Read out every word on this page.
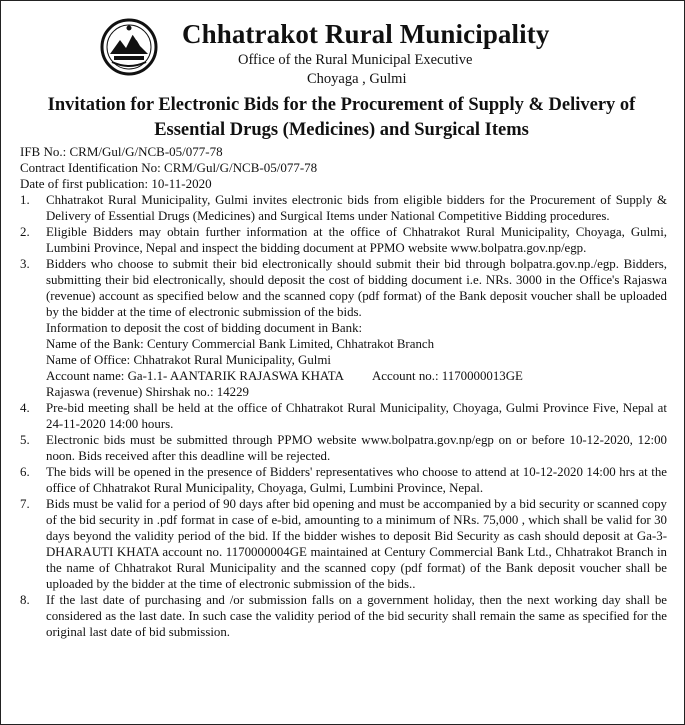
Chhatrakot Rural Municipality
Office of the Rural Municipal Executive
Choyaga , Gulmi
Invitation for Electronic Bids for the Procurement of Supply & Delivery of
Essential Drugs (Medicines) and Surgical Items
IFB No.: CRM/Gul/G/NCB-05/077-78
Contract Identification No: CRM/Gul/G/NCB-05/077-78
Date of first publication: 10-11-2020
1. Chhatrakot Rural Municipality, Gulmi invites electronic bids from eligible bidders for the Procurement of Supply & Delivery of Essential Drugs (Medicines) and Surgical Items under National Competitive Bidding procedures.
2. Eligible Bidders may obtain further information at the office of Chhatrakot Rural Municipality, Choyaga, Gulmi, Lumbini Province, Nepal and inspect the bidding document at PPMO website www.bolpatra.gov.np/egp.
3. Bidders who choose to submit their bid electronically should submit their bid through bolpatra.gov.np./egp. Bidders, submitting their bid electronically, should deposit the cost of bidding document i.e. NRs. 3000 in the Office's Rajaswa (revenue) account as specified below and the scanned copy (pdf format) of the Bank deposit voucher shall be uploaded by the bidder at the time of electronic submission of the bids.
Information to deposit the cost of bidding document in Bank:
Name of the Bank: Century Commercial Bank Limited, Chhatrakot Branch
Name of Office: Chhatrakot Rural Municipality, Gulmi
Account name: Ga-1.1- AANTARIK RAJASWA KHATA Account no.: 1170000013GE
Rajaswa (revenue) Shirshak no.: 14229
4. Pre-bid meeting shall be held at the office of Chhatrakot Rural Municipality, Choyaga, Gulmi Province Five, Nepal at 24-11-2020 14:00 hours.
5. Electronic bids must be submitted through PPMO website www.bolpatra.gov.np/egp on or before 10-12-2020, 12:00 noon. Bids received after this deadline will be rejected.
6. The bids will be opened in the presence of Bidders' representatives who choose to attend at 10-12-2020 14:00 hrs at the office of Chhatrakot Rural Municipality, Choyaga, Gulmi, Lumbini Province, Nepal.
7. Bids must be valid for a period of 90 days after bid opening and must be accompanied by a bid security or scanned copy of the bid security in .pdf format in case of e-bid, amounting to a minimum of NRs. 75,000 , which shall be valid for 30 days beyond the validity period of the bid. If the bidder wishes to deposit Bid Security as cash should deposit at Ga-3-DHARAUTI KHATA account no. 1170000004GE maintained at Century Commercial Bank Ltd., Chhatrakot Branch in the name of Chhatrakot Rural Municipality and the scanned copy (pdf format) of the Bank deposit voucher shall be uploaded by the bidder at the time of electronic submission of the bids..
8. If the last date of purchasing and /or submission falls on a government holiday, then the next working day shall be considered as the last date. In such case the validity period of the bid security shall remain the same as specified for the original last date of bid submission.
